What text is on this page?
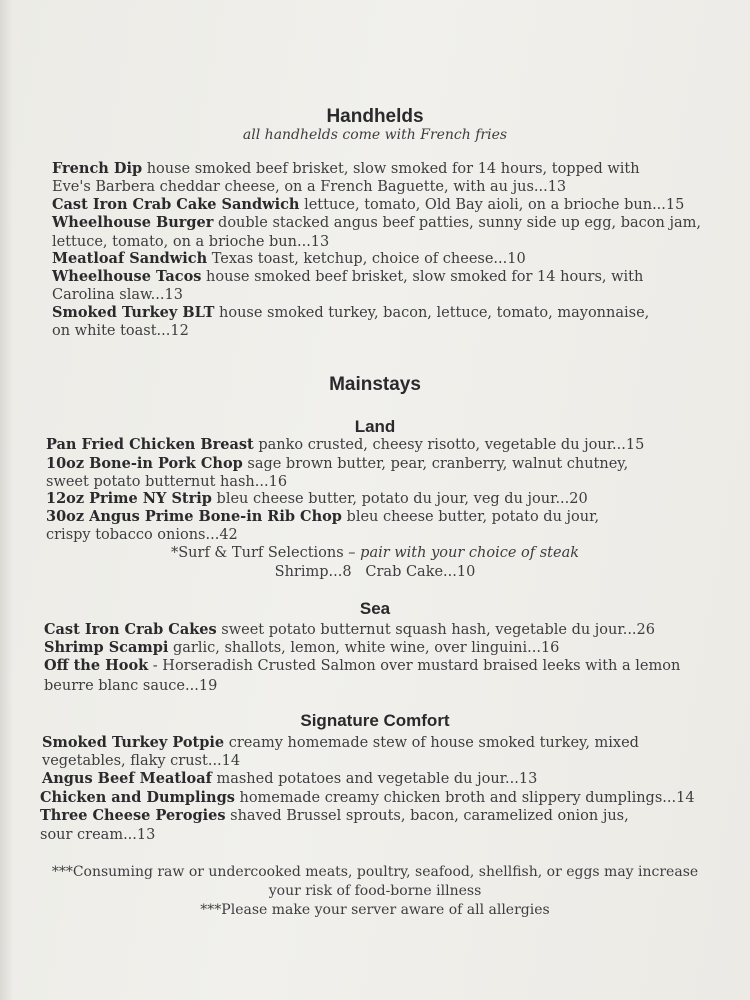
Handhelds
all handhelds come with French fries
French Dip house smoked beef brisket, slow smoked for 14 hours, topped with
Eve's Barbera cheddar cheese, on a French Baguette, with au jus...13
Cast Iron Crab Cake Sandwich lettuce, tomato, Old Bay aioli, on a brioche bun...15
Wheelhouse Burger double stacked angus beef patties, sunny side up egg, bacon jam,
lettuce, tomato, on a brioche bun...13
Meatloaf Sandwich Texas toast, ketchup, choice of cheese...10
Wheelhouse Tacos house smoked beef brisket, slow smoked for 14 hours, with
Carolina slaw...13
Smoked Turkey BLT house smoked turkey, bacon, lettuce, tomato, mayonnaise,
on white toast...12
Mainstays
Land
Pan Fried Chicken Breast panko crusted, cheesy risotto, vegetable du jour...15
10oz Bone-in Pork Chop sage brown butter, pear, cranberry, walnut chutney,
sweet potato butternut hash...16
12oz Prime NY Strip bleu cheese butter, potato du jour, veg du jour...20
30oz Angus Prime Bone-in Rib Chop bleu cheese butter, potato du jour,
crispy tobacco onions...42
*Surf & Turf Selections – pair with your choice of steak
Shrimp...8   Crab Cake...10
Sea
Cast Iron Crab Cakes sweet potato butternut squash hash, vegetable du jour...26
Shrimp Scampi garlic, shallots, lemon, white wine, over linguini...16
Off the Hook - Horseradish Crusted Salmon over mustard braised leeks with a lemon
beurre blanc sauce...19
Signature Comfort
Smoked Turkey Potpie creamy homemade stew of house smoked turkey, mixed
vegetables, flaky crust...14
Angus Beef Meatloaf mashed potatoes and vegetable du jour...13
Chicken and Dumplings homemade creamy chicken broth and slippery dumplings...14
Three Cheese Perogies shaved Brussel sprouts, bacon, caramelized onion jus,
sour cream...13
***Consuming raw or undercooked meats, poultry, seafood, shellfish, or eggs may increase
your risk of food-borne illness
***Please make your server aware of all allergies
